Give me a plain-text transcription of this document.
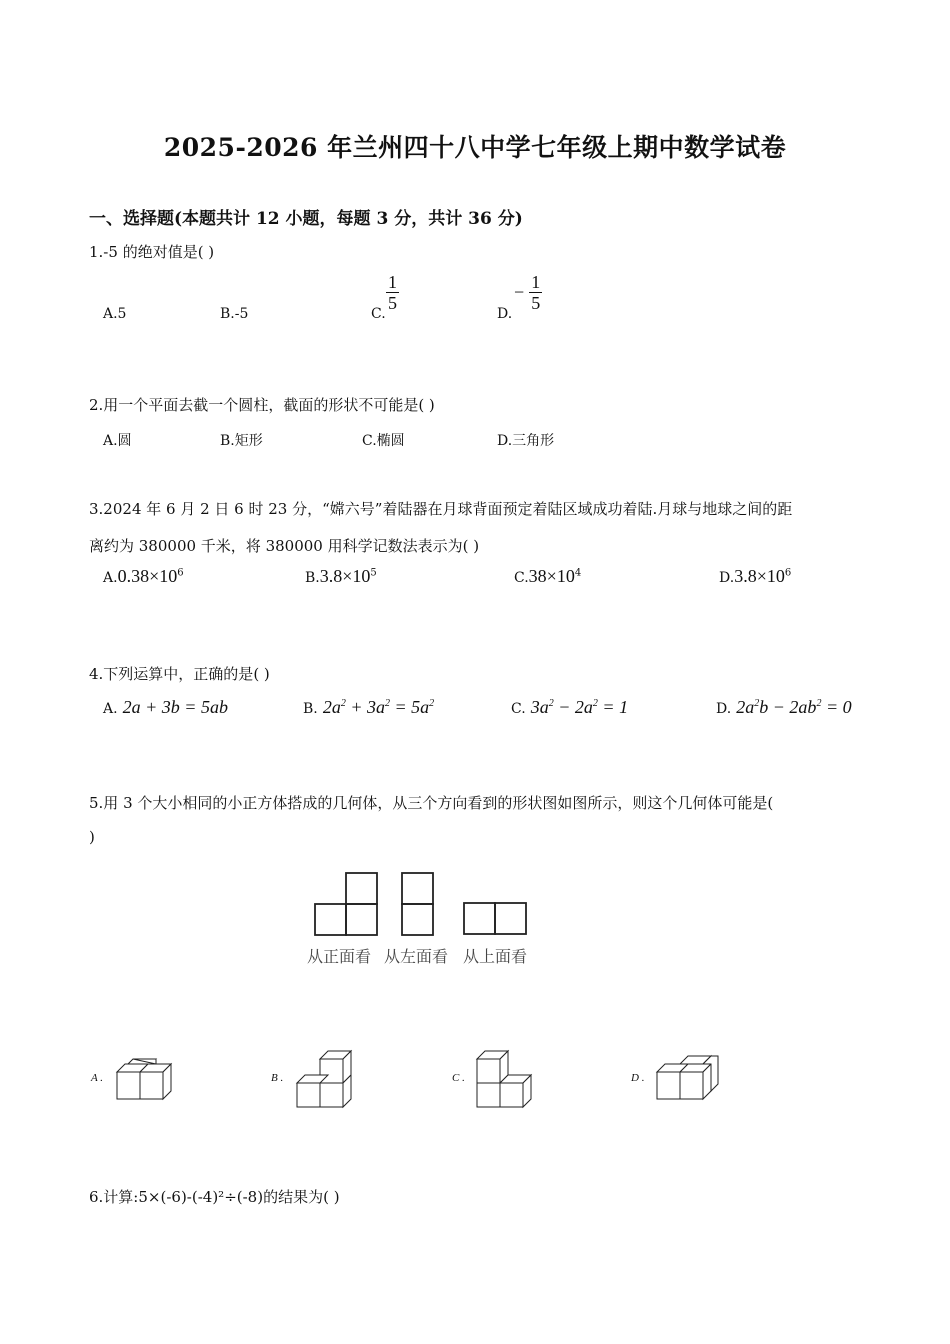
2025-2026 年兰州四十八中学七年级上期中数学试卷
一、选择题(本题共计 12 小题，每题 3 分，共计 36 分)
1.-5 的绝对值是( )
A.5	B.-5	C.
$\frac{1}{5}$
D.
− $\frac{1}{5}$
2.用一个平面去截一个圆柱，截面的形状不可能是( )
A.圆	B.矩形	C.椭圆	D.三角形
3.2024 年 6 月 2 日 6 时 23 分，“嫦六号”着陆器在月球背面预定着陆区域成功着陆.月球与地球之间的距
离约为 380000 千米，将 380000 用科学记数法表示为( )
$A.0.38\times 10^6$	$B.3.8\times 10^5$	$C.38\times 10^4$	$D.3.8\times 10^6$
4.下列运算中，正确的是( )
A. 2a + 3b = 5ab	B. $2a^2 + 3a^2 = 5a^2$	C. $3a^2 - 2a^2 = 1$	D. $2a^2b - 2ab^2 = 0$
5.用 3 个大小相同的小正方体搭成的几何体，从三个方向看到的形状图如图所示，则这个几何体可能是(
)
从正面看 从左面看 从上面看
A .	B .	C .	D .
6.计算:5×(-6)-(-4)²÷(-8)的结果为( )
